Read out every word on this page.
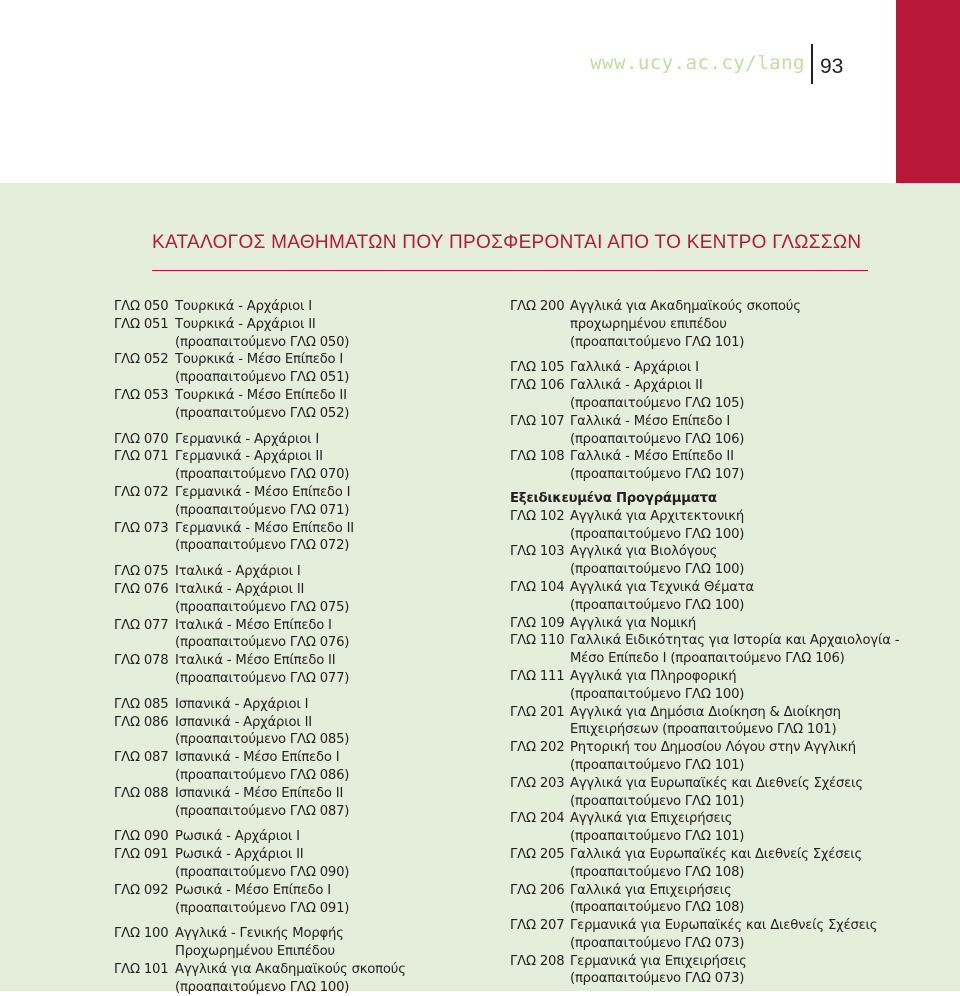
www.ucy.ac.cy/lang 93
ΚΑΤΑΛΟΓΟΣ ΜΑΘΗΜΑΤΩΝ ΠΟΥ ΠΡΟΣΦΕΡΟΝΤΑΙ ΑΠΟ ΤΟ ΚΕΝΤΡΟ ΓΛΩΣΣΩΝ
ΓΛΩ 050 Τουρκικά - Αρχάριοι Ι
ΓΛΩ 051 Τουρκικά - Αρχάριοι ΙΙ
(προαπαιτούμενο ΓΛΩ 050)
ΓΛΩ 052 Τουρκικά - Μέσο Επίπεδο Ι
(προαπαιτούμενο ΓΛΩ 051)
ΓΛΩ 053 Τουρκικά - Μέσο Επίπεδο ΙΙ
(προαπαιτούμενο ΓΛΩ 052)
ΓΛΩ 070 Γερμανικά - Αρχάριοι Ι
ΓΛΩ 071 Γερμανικά - Αρχάριοι ΙΙ
(προαπαιτούμενο ΓΛΩ 070)
ΓΛΩ 072 Γερμανικά - Μέσο Επίπεδο Ι
(προαπαιτούμενο ΓΛΩ 071)
ΓΛΩ 073 Γερμανικά - Μέσο Επίπεδο ΙΙ
(προαπαιτούμενο ΓΛΩ 072)
ΓΛΩ 075 Ιταλικά - Αρχάριοι Ι
ΓΛΩ 076 Ιταλικά - Αρχάριοι ΙΙ
(προαπαιτούμενο ΓΛΩ 075)
ΓΛΩ 077 Ιταλικά - Μέσο Επίπεδο Ι
(προαπαιτούμενο ΓΛΩ 076)
ΓΛΩ 078 Ιταλικά - Μέσο Επίπεδο ΙΙ
(προαπαιτούμενο ΓΛΩ 077)
ΓΛΩ 085 Ισπανικά - Αρχάριοι Ι
ΓΛΩ 086 Ισπανικά - Αρχάριοι ΙΙ
(προαπαιτούμενο ΓΛΩ 085)
ΓΛΩ 087 Ισπανικά - Μέσο Επίπεδο Ι
(προαπαιτούμενο ΓΛΩ 086)
ΓΛΩ 088 Ισπανικά - Μέσο Επίπεδο ΙΙ
(προαπαιτούμενο ΓΛΩ 087)
ΓΛΩ 090 Ρωσικά - Αρχάριοι Ι
ΓΛΩ 091 Ρωσικά - Αρχάριοι ΙΙ
(προαπαιτούμενο ΓΛΩ 090)
ΓΛΩ 092 Ρωσικά - Μέσο Επίπεδο Ι
(προαπαιτούμενο ΓΛΩ 091)
ΓΛΩ 100 Αγγλικά - Γενικής Μορφής
Προχωρημένου Επιπέδου
ΓΛΩ 101 Αγγλικά για Ακαδημαϊκούς σκοπούς
(προαπαιτούμενο ΓΛΩ 100)
ΓΛΩ 200 Αγγλικά για Ακαδημαϊκούς σκοπούς
προχωρημένου επιπέδου
(προαπαιτούμενο ΓΛΩ 101)
ΓΛΩ 105 Γαλλικά - Αρχάριοι Ι
ΓΛΩ 106 Γαλλικά - Αρχάριοι ΙΙ
(προαπαιτούμενο ΓΛΩ 105)
ΓΛΩ 107 Γαλλικά - Μέσο Επίπεδο Ι
(προαπαιτούμενο ΓΛΩ 106)
ΓΛΩ 108 Γαλλικά - Μέσο Επίπεδο ΙΙ
(προαπαιτούμενο ΓΛΩ 107)
Εξειδικευμένα Προγράμματα
ΓΛΩ 102 Αγγλικά για Αρχιτεκτονική
(προαπαιτούμενο ΓΛΩ 100)
ΓΛΩ 103 Αγγλικά για Βιολόγους
(προαπαιτούμενο ΓΛΩ 100)
ΓΛΩ 104 Αγγλικά για Τεχνικά Θέματα
(προαπαιτούμενο ΓΛΩ 100)
ΓΛΩ 109 Αγγλικά για Νομική
ΓΛΩ 110 Γαλλικά Ειδικότητας για Ιστορία και Αρχαιολογία -
Μέσο Επίπεδο Ι (προαπαιτούμενο ΓΛΩ 106)
ΓΛΩ 111 Αγγλικά για Πληροφορική
(προαπαιτούμενο ΓΛΩ 100)
ΓΛΩ 201 Αγγλικά για Δημόσια Διοίκηση & Διοίκηση
Επιχειρήσεων (προαπαιτούμενο ΓΛΩ 101)
ΓΛΩ 202 Ρητορική του Δημοσίου Λόγου στην Αγγλική
(προαπαιτούμενο ΓΛΩ 101)
ΓΛΩ 203 Αγγλικά για Ευρωπαϊκές και Διεθνείς Σχέσεις
(προαπαιτούμενο ΓΛΩ 101)
ΓΛΩ 204 Αγγλικά για Επιχειρήσεις
(προαπαιτούμενο ΓΛΩ 101)
ΓΛΩ 205 Γαλλικά για Ευρωπαϊκές και Διεθνείς Σχέσεις
(προαπαιτούμενο ΓΛΩ 108)
ΓΛΩ 206 Γαλλικά για Επιχειρήσεις
(προαπαιτούμενο ΓΛΩ 108)
ΓΛΩ 207 Γερμανικά για Ευρωπαϊκές και Διεθνείς Σχέσεις
(προαπαιτούμενο ΓΛΩ 073)
ΓΛΩ 208 Γερμανικά για Επιχειρήσεις
(προαπαιτούμενο ΓΛΩ 073)
